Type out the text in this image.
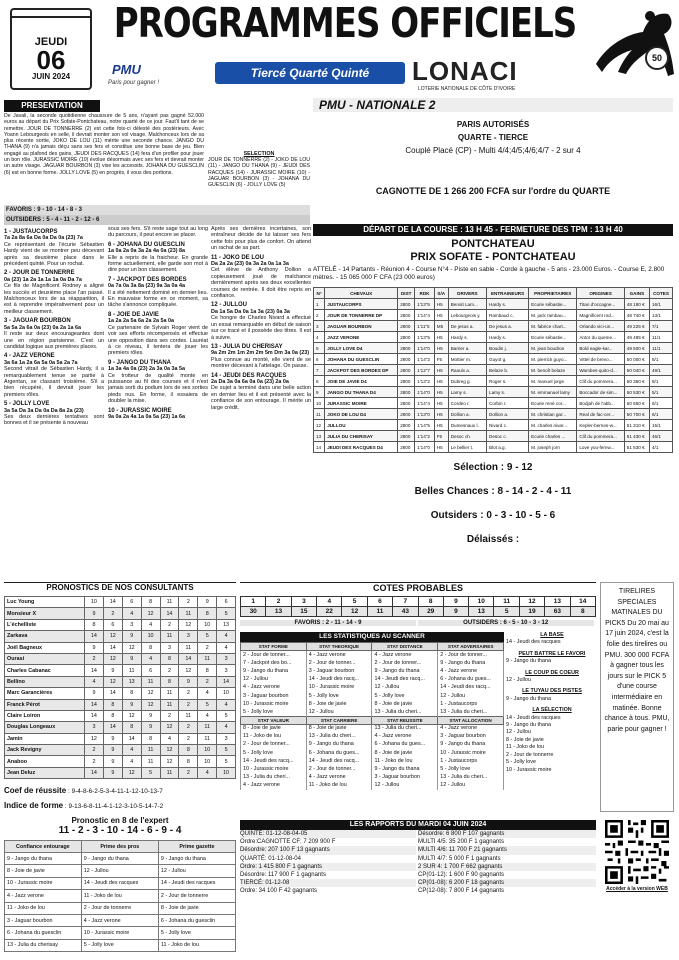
JEUDI
06
JUIN 2024
PROGRAMMES OFFICIELS
PMU
Paris pour gagner !
Tiercé Quarté Quinté	LONACI
LOTERIE NATIONALE DE CÔTE D'IVOIRE
50
PRESENTATION
De Javali, la seconde quotidienne chaussure de 5 ans, n'ayant pas gagné 52.000 euros au départ du Prix Sofate-Pontchateau, notre quarté de ce jour. Faut'il tant de se remettre. JOUR DE TONNERRE (2) est cette fois-ci délesté des postérieurs. Avec Yoann Lebourgeois en selle, il devrait monter son vol visage. Malchonceux lors de sa plus récente sortie, JOKO DE LOU (11) mérite une seconde chance. JANGO DU THANA (9) n'a jamais déçu sans ses fers et constitue une bonne base de jeu. Bien engagé au plafond des gains, JEUDI DES RACQUES (14) fera d'un profiler pour jouer un bon rôle. JURASSIC MOIRE (10) évolue désormais avec ses fers et devrait monter un autre visage. JAGUAR BOURBON (3) vise les accessits. JOHANA DU GUESCLIN (6) est en bonne forme. JOLLY LOVE (5) en progrès, il vous des portions.
SELECTION
JOUR DE TONNERRE (2) - JOKO DE LOU (11) - JANGO DU THANA (9) - JEUDI DES RACQUES (14) - JURASSIC MOIRE (10) - JAGUAR BOURBON (3) - JOHANA DU GUESCLIN (6) - JOLLY LOVE (5)
FAVORIS : 9 - 10 - 14 - 8 - 3
OUTSIDERS : 5 - 4 - 11 - 2 - 12 - 6
1 - JUSTAUCORPS
7a 2a 8a 6a Da 0a Da 0a (23) 7a
Ce représentant de l'écurie Sébastien Hardy vient de se montrer peu décevant après sa deuxième place dans le précédent quinté. Pour un rochat.
2 - JOUR DE TONNERRE
0a (23) 1a 2a 1a 1a 1a 0a Da 7a
Ce fils de Magnificent Rodney a aligné les succès et deuxième place l'an passé. Malchonceux lors de sa réapparition, il est à reprendre impérativement pour un meilleur classement.
3 - JAGUAR BOURBON
5a 5a 2a 6a 0a (23) 0a 2a 1a 6a
Il reste sur deux encourageantes dont une en région parisienne. C'est un candidat logique aux premières places.
4 - JAZZ VERONE
3a 6a 1a 2a 6a 5a 0a 5a 2a 7a
Second vitrail de Sébastien Hardy, il a remarquablement tenue se partie à Argentan, se classant troisième. S'il a bien récupéré, il devrait jouer les premiers rôles.
5 - JOLLY LOVE
3a 5a Da 3a Da 0a Da 8a 2a (23)
Ses deux dernières tentatives sont bonnes et il se présente à nouveau
sous ses fers. S'il reste sage tout au long du parcours, il peut encore se placer.
6 - JOHANA DU GUESCLIN
1a 0a 2a 0a 3a 2a 4a 0a (23) 8a
Elle a repris de la fraicheur. En grande forme actuellement, elle garde son mot à dire pour un bon classement.
7 - JACKPOT DES BORDES
0a 7a 0a 3a 8a (23) 9a 3a 0a 4a
Il a été nettement dominé en dernier lieu. En mauvaise forme en ce moment, sa tâche s'annonce compliquée.
8 - JOIE DE JAVIE
1a 2a 2a 5a 6a 2a 2a 5a 0a
Ce partenaire de Sylvain Roger vient de voir ses efforts récompensés et effectue une opposition dans ses cordes. Lauréat à ce niveau, il tentera de jouer les premiers rôles.
9 - JANGO DU THANA
1a 3a 4a 0a (23) 2a 3a 0a 3a 5a
Ce trotteur de qualité monte en puissance au fil des courses et il n'est jamais sorti du podium lors de ses sorties pieds nus. En forme, il essaiera de doubler la mise.
10 - JURASSIC MOIRE
9a 0a 2a 4a 1a 0a 5a (23) 1a 6a
Après ses dernières incertaines, son entraîneur décide de lui laisser ses fers cette fois pour plus de confort. On attend un rachat de sa part.
11 - JOKO DE LOU
Da 2a 2a (23) 0a 3a 2a 0a 1a 3a
Cet élève de Anthony Dollion a copieusement joué de malchance dernièrement après ses deux excellentes courses de rentrée. Il doit être repris en confiance.
12 - JULLOU
Da 1a 5a Da 0a 1a 3a (23) 0a 3a
Ce hongre de Charles Nivard a effectué un essai remarquable en début de saison sur ce tracé et il possède des titres. Il est à suivre.
13 - JULIA DU CHERISAY
9a 2m 2m 1m 2m 2m 5m Dm 3a 0a (23)
Plus connue au monté, elle vient de se montrer décevant à l'attelage. On passe.
14 - JEUDI DES RACQUES
2a Da 3a 0a 6a 0a 0a (23) 2a 0a
De sujet a terminé dans une belle action en dernier lieu et il est présenté avec la confiance de son entourage. Il mérite un large crédit.
PMU - NATIONALE 2
PARIS AUTORISÉS
QUARTE - TIERCE
Couplé Placé (CP) - Multi 4/4;4/5;4/6;4/7 - 2 sur 4
CAGNOTTE DE 1 266 200 FCFA sur l'ordre du QUARTE
DÉPART DE LA COURSE : 13 H 45 - FERMETURE DES TPM : 13 H 40
PONTCHATEAU
PRIX SOFATE - PONTCHATEAU
ATTELÉ - 14 Partants - Réunion 4 - Course N°4 - Piste en sable - Corde à gauche - 5 ans - 23.000 Euros. - Course E, 2.800 mètres. - 15 065 000 F CFA (23 000 euros)
N°	CHEVAUX	DIST	RDK	S/A	DRIVERS	ENTRAINEURS	PROPRIETAIRES	ORIGINES	GAINS	COTES
1	JUSTAUCORPS	2800	1'13"6	H5	Benoit Lam...	Hardy s.	Ecurie sébastie...	Titan d'occagne...	48 180 €	16/1
2	JOUR DE TONNERRE DP	2800	1'14"4	H5	Lebourgeois y.	Rambaud c.	M. jack rambau...	Magnificent rod...	48 740 €	13/1
3	JAGUAR BOURBON	2800	1'11"5	M5	De jesus a.	De jesus a.	M. fabrice chart...	Orlando vici-un...	49 225 €	7/1
4	JAZZ VERONE	2800	1'13"5	H5	Hardy s.	Hardy s.	Ecurie sébastie...	Antor du queme...	49 485 €	11/1
5	JOLLY LOVE D4	2800	1'14"0	H5	Barrier a.	Boudin j.	M. jean boudron	Bold eagle-kar...	49 500 €	11/1
6	JOHANA DU GUESCLIN	2800	1'14"2	F5	Mottier m.	Guyot g.	M. pierrick guyo...	Vittel de brevo...	50 000 €	8/1
7	JACKPOT DES BORDES DP	2800	1'12"7	H5	Raoulx a.	Belaze b.	M. benoît belaze	Wambes-quito-d...	50 040 €	49/1
8	JOIE DE JAVIE D4	2800	1'13"2	H5	Dubreg g.	Roger s.	M. manuel jorge	Clif du pommera...	50 360 €	8/1
9	JANGO DU THANA D4	2800	1'14"0	H5	Lamy s.	Lamy s.	M. emmanuel lamy	Boccador de sim...	50 530 €	5/1
10	JURASSIC MOIRE	2800	1'14"4	H5	Cordeo r.	Corbin r.	Ecurie rené cor...	Bodjah de l'abb...	50 650 €	6/1
11	JOKO DE LOU D4	2800	1'13"0	H5	Dollion a.	Dollion a.	M. christian gar...	Real de fac-cer...	50 700 €	6/1
12	JULLOU	2800	1'14"5	H5	Dumesnaux l.	Nivard c.	M. charles nivar...	Kepler-bernes-w...	51 310 €	15/1
13	JULIA DU CHERISAY	2800	1'14"2	F5	Desoc ch.	Desoc c.	Ecurie charles ...	Clif du pommera...	51 430 €	46/1
14	JEUDI DES RACQUES D4	2800	1'14"0	H5	Le bellier t.	Blot a.g.	M. joseph jorn	Love you-fernw...	51 530 €	4/1
Sélection : 9 - 12
Belles Chances : 8 - 14 - 2 - 4 - 11
Outsiders : 0 - 3 - 10 - 5 - 6
Délaissés :
PRONOSTICS DE NOS CONSULTANTS
Luc Young	10	14	6	8	11	2	9	6
Monsieur X	9	2	4	12	14	11	8	5
L'échelliste	8	6	3	4	2	12	10	13
Zarkava	14	12	9	10	11	3	5	4
Joël Bagneux	9	14	12	8	3	11	2	4
Ourasi	2	12	9	4	8	14	11	3
Charles Cabanac	14	9	11	6	2	12	8	3
Bellino	4	12	13	11	8	9	2	14
Marc Garancières	9	14	8	12	11	2	4	10
Franck Pérot	14	8	9	12	11	2	5	4
Claire Loiron	14	8	12	9	2	11	4	5
Douglas Longeaux	3	14	8	9	12	2	11	4
Jamin	12	9	14	8	4	2	11	3
Jack Revigny	2	9	4	11	12	8	10	5
Anaboo	2	9	4	11	12	8	10	5
Jean Deluz	14	9	12	5	11	2	4	10
Coef de réussite : 9-4-8-6-2-5-3-4-11-1-12-10-13-7
Indice de forme : 9-13-6-8-11-4-1-12-3-10-5-14-7-2
Pronostic en 8 de l'expert
11 - 2 - 3 - 10 - 14 - 6 - 9 - 4
Confiance entourage	Prime des pros	Prime gazette
9 - Jango du thana	9 - Jango du thana	9 - Jango du thana
8 - Joie de javie	12 - Jullou	12 - Jullou
10 - Jurassic moire	14 - Jeudi des racques	14 - Jeudi des racques
4 - Jazz verone	11 - Joko de lou	2 - Jour de tonnerre
11 - Joko de lou	2 - Jour de tonnerre	8 - Joie de javie
3 - Jaguar bourbon	4 - Jazz verone	6 - Johana du guesclin
6 - Johana du guesclin	10 - Jurassic moire	5 - Jolly love
13 - Julia du cherisay	5 - Jolly love	11 - Joko de lou
COTES PROBABLES
1	2	3	4	5	6	7	8	9	10	11	12	13	14
30	13	15	22	12	11	43	29	9	13	5	19	63	8
FAVORIS : 2 - 11 - 14 - 9	OUTSIDERS : 6 - 5 - 10 - 3 - 12
LES STATISTIQUES AU SCANNER
STAT FORME	STAT THEORIQUE	STAT DISTANCE	STAT ADVERSAIRES
2 - Jour de tonner...	4 - Jazz verone	4 - Jazz verone	2 - Jour de tonner...
7 - Jackpot des bo...	2 - Jour de tonner...	2 - Jour de tonner...	9 - Jango du thana
9 - Jango du thana	3 - Jaguar bourbon	9 - Jango du thana	4 - Jazz verone
12 - Jullou	14 - Jeudi des racq...	14 - Jeudi des racq...	6 - Johana du gues...
4 - Jazz verone	10 - Jurassic moire	12 - Jullou	14 - Jeudi des racq...
3 - Jaguar bourbon	5 - Jolly love	5 - Jolly love	12 - Jullou
10 - Jurassic moire	8 - Joie de javie	8 - Joie de javie	1 - Justaucorps
5 - Jolly love	12 - Jullou	13 - Julia du cheri...	13 - Julia du cheri...
STAT VALEUR	STAT CARRIERE	STAT REUSSITE	STAT ALLOCATION
8 - Joie de javie	8 - Joie de javie	13 - Julia du cheri...	4 - Jazz verone
11 - Joko de lou	13 - Julia du cheri...	4 - Jazz verone	3 - Jaguar bourbon
2 - Jour de tonner...	9 - Jango du thana	6 - Johana du gues...	9 - Jango du thana
5 - Jolly love	6 - Johana du gues...	8 - Joie de javie	10 - Jurassic moire
14 - Jeudi des racq...	14 - Jeudi des racq...	11 - Joko de lou	1 - Justaucorps
10 - Jurassic moire	2 - Jour de tonner...	9 - Jango du thana	5 - Jolly love
13 - Julia du cheri...	4 - Jazz verone	3 - Jaguar bourbon	13 - Julia du cheri...
4 - Jazz verone	11 - Joko de lou	12 - Jullou	12 - Jullou
LA BASE
14 - Jeudi des racques
PEUT BATTRE LE FAVORI
9 - Jango du thana
LE COUP DE COEUR
12 - Jullou
LE TUYAU DES PISTES
9 - Jango du thana
LA SÉLECTION
14 - Jeudi des racques
9 - Jango du thana
12 - Jullou
8 - Joie de javie
11 - Joko de lou
2 - Jour de tonnerre
5 - Jolly love
10 - Jurassic moire
LES RAPPORTS DU MARDI 04 JUIN 2024
QUINTÉ: 01-12-08-04-05
Ordre:CAGNOTTE CF: 7 209 900 F
Désordre: 207 100 F 13 gagnants
QUARTÉ: 01-12-08-04
Ordre: 1 415 800 F 1 gagnants
Désordre: 117 900 F 1 gagnants
TIERCÉ: 01-12-08
Ordre: 34 100 F 42 gagnants
Désordre: 6 800 F 107 gagnants
MULTI 4/5: 35 200 F 1 gagnants
MULTI 4/6: 11 700 F 21 gagnants
MULTI 4/7: 5 000 F 1 gagnants
2 SUR 4: 1 700 F 662 gagnants
CP(01-12): 1 600 F 90 gagnants
CP(01-08): 6 200 F 18 gagnants
CP(12-08): 7 800 F 14 gagnants
TIRELIRES SPECIALES MATINALES DU PICK5 Du 20 mai au 17 juin 2024, c'est la folie des tirelires ou PMU. 300 000 FCFA à gagner tous les jours sur le PICK 5 d'une course intermédiaire en matinée. Bonne chance à tous. PMU, parie pour gagner !
Accéder à la version WEB
